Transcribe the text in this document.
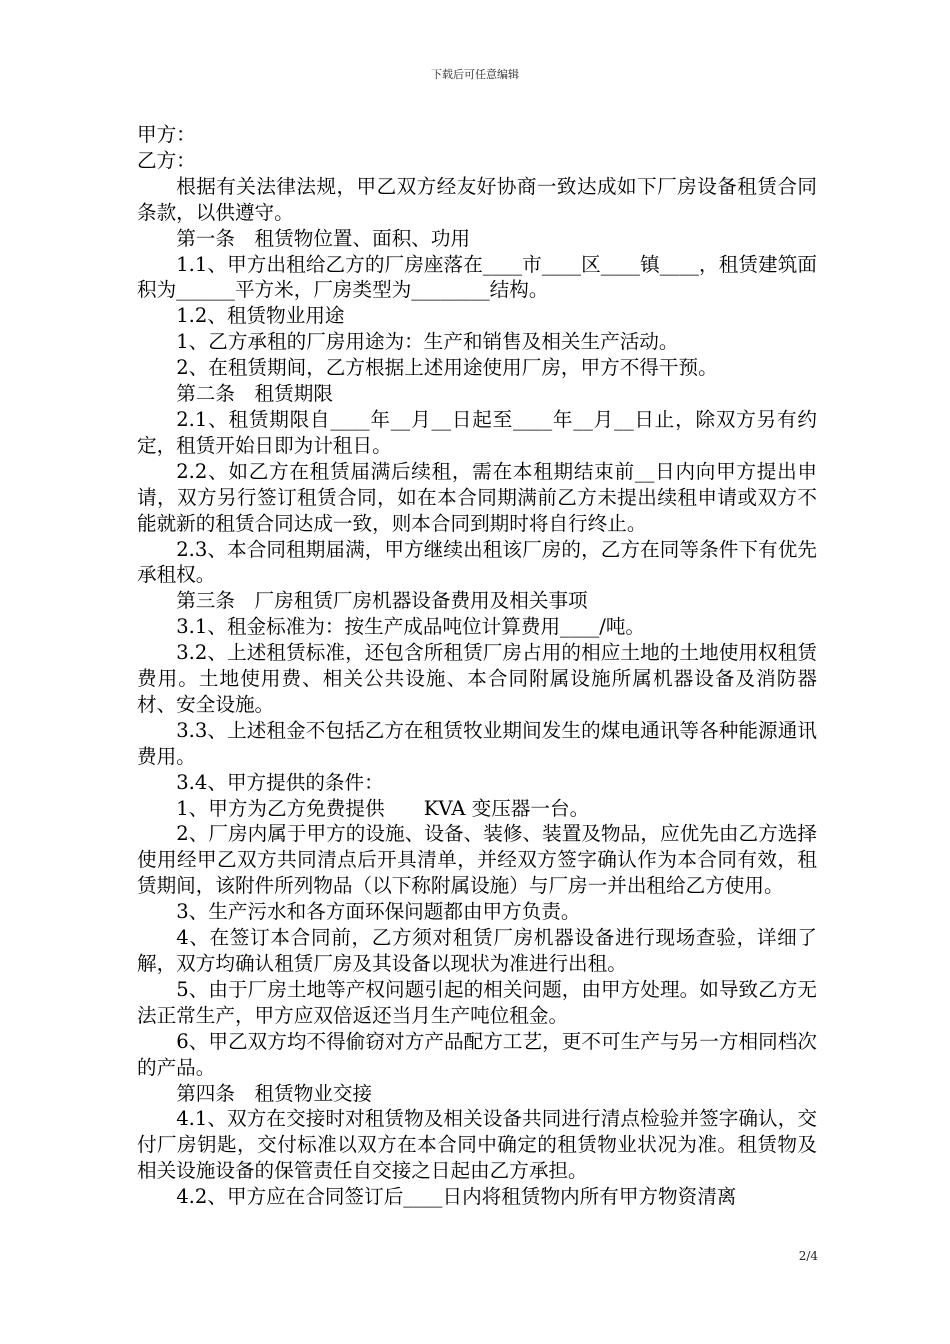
下载后可任意编辑

甲方：

乙方：

根据有关法律法规，甲乙双方经友好协商一致达成如下厂房设备租赁合同条款，以供遵守。

第一条　租赁物位置、面积、功用

1.1、甲方出租给乙方的厂房座落在____市____区____镇____，租赁建筑面积为______平方米，厂房类型为________结构。

1.2、租赁物业用途

1、乙方承租的厂房用途为：生产和销售及相关生产活动。

2、在租赁期间，乙方根据上述用途使用厂房，甲方不得干预。

第二条　租赁期限

2.1、租赁期限自____年__月__日起至____年__月__日止，除双方另有约定，租赁开始日即为计租日。

2.2、如乙方在租赁届满后续租，需在本租期结束前__日内向甲方提出申请，双方另行签订租赁合同，如在本合同期满前乙方未提出续租申请或双方不能就新的租赁合同达成一致，则本合同到期时将自行终止。

2.3、本合同租期届满，甲方继续出租该厂房的，乙方在同等条件下有优先承租权。

第三条　厂房租赁厂房机器设备费用及相关事项

3.1、租金标准为：按生产成品吨位计算费用____/吨。

3.2、上述租赁标准，还包含所租赁厂房占用的相应土地的土地使用权租赁费用。土地使用费、相关公共设施、本合同附属设施所属机器设备及消防器材、安全设施。

3.3、上述租金不包括乙方在租赁牧业期间发生的煤电通讯等各种能源通讯费用。

3.4、甲方提供的条件：

1、甲方为乙方免费提供　　KVA 变压器一台。

2、厂房内属于甲方的设施、设备、装修、装置及物品，应优先由乙方选择使用经甲乙双方共同清点后开具清单，并经双方签字确认作为本合同有效，租赁期间，该附件所列物品（以下称附属设施）与厂房一并出租给乙方使用。

3、生产污水和各方面环保问题都由甲方负责。

4、在签订本合同前，乙方须对租赁厂房机器设备进行现场查验，详细了解，双方均确认租赁厂房及其设备以现状为准进行出租。

5、由于厂房土地等产权问题引起的相关问题，由甲方处理。如导致乙方无法正常生产，甲方应双倍返还当月生产吨位租金。

6、甲乙双方均不得偷窃对方产品配方工艺，更不可生产与另一方相同档次的产品。

第四条　租赁物业交接

4.1、双方在交接时对租赁物及相关设备共同进行清点检验并签字确认，交付厂房钥匙，交付标准以双方在本合同中确定的租赁物业状况为准。租赁物及相关设施设备的保管责任自交接之日起由乙方承担。

4.2、甲方应在合同签订后____日内将租赁物内所有甲方物资清离

2/4
